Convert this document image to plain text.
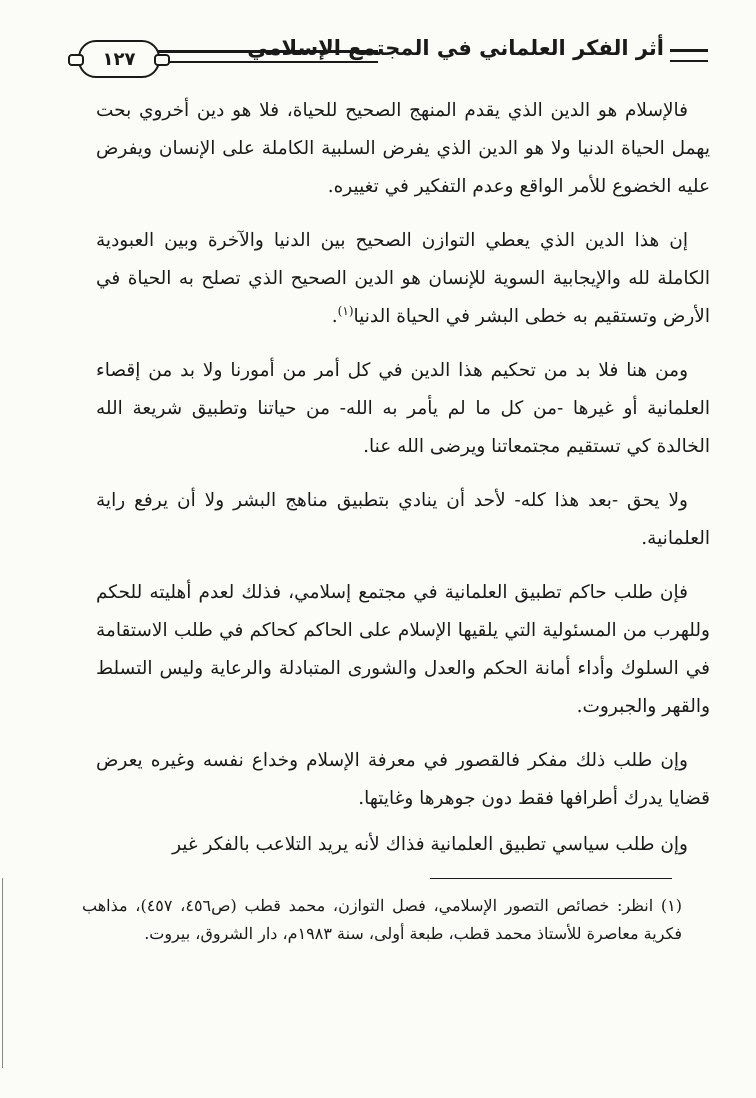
١٢٧	أثر الفكر العلماني في المجتمع الإسلامي

فالإسلام هو الدين الذي يقدم المنهج الصحيح للحياة، فلا هو دين أخروي بحت يهمل الحياة الدنيا ولا هو الدين الذي يفرض السلبية الكاملة على الإنسان ويفرض عليه الخضوع للأمر الواقع وعدم التفكير في تغييره.

إن هذا الدين الذي يعطي التوازن الصحيح بين الدنيا والآخرة وبين العبودية الكاملة لله والإيجابية السوية للإنسان هو الدين الصحيح الذي تصلح به الحياة في الأرض وتستقيم به خطى البشر في الحياة الدنيا$^{(١)}$.

ومن هنا فلا بد من تحكيم هذا الدين في كل أمر من أمورنا ولا بد من إقصاء العلمانية أو غيرها -من كل ما لم يأمر به الله- من حياتنا وتطبيق شريعة الله الخالدة كي تستقيم مجتمعاتنا ويرضى الله عنا.

ولا يحق -بعد هذا كله- لأحد أن ينادي بتطبيق مناهج البشر ولا أن يرفع راية العلمانية.

فإن طلب حاكم تطبيق العلمانية في مجتمع إسلامي، فذلك لعدم أهليته للحكم وللهرب من المسئولية التي يلقيها الإسلام على الحاكم كحاكم في طلب الاستقامة في السلوك وأداء أمانة الحكم والعدل والشورى المتبادلة والرعاية وليس التسلط والقهر والجبروت.

وإن طلب ذلك مفكر فالقصور في معرفة الإسلام وخداع نفسه وغيره يعرض قضايا يدرك أطرافها فقط دون جوهرها وغايتها.

وإن طلب سياسي تطبيق العلمانية فذاك لأنه يريد التلاعب بالفكر غير

(١) انظر: خصائص التصور الإسلامي، فصل التوازن، محمد قطب (ص٤٥٦، ٤٥٧)، مذاهب فكرية معاصرة للأستاذ محمد قطب، طبعة أولى، سنة ١٩٨٣م، دار الشروق، بيروت.
